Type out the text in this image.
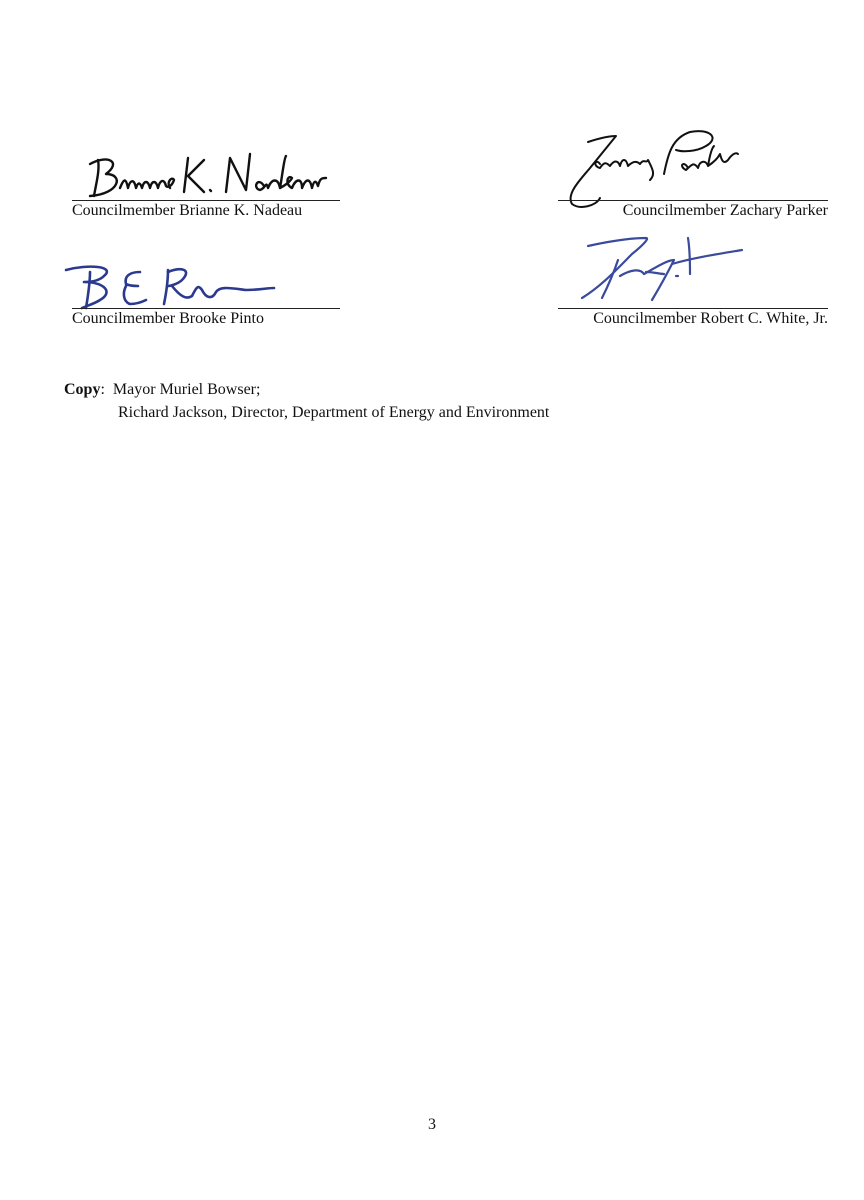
Councilmember Brianne K. Nadeau	Councilmember Zachary Parker
Councilmember Brooke Pinto	Councilmember Robert C. White, Jr.
Copy: Mayor Muriel Bowser;
Richard Jackson, Director, Department of Energy and Environment
3
